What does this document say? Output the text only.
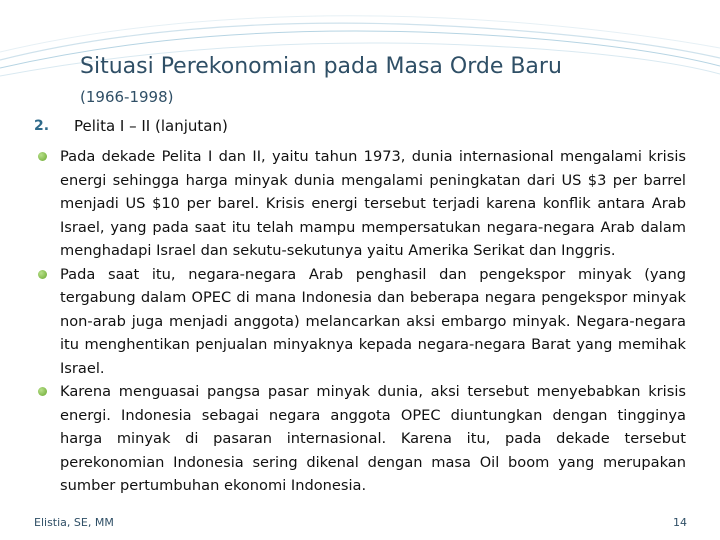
Situasi Perekonomian pada Masa Orde Baru
(1966-1998)
2. Pelita I – II (lanjutan)
Pada dekade Pelita I dan II, yaitu tahun 1973, dunia internasional mengalami krisis energi sehingga harga minyak dunia mengalami peningkatan dari US $3 per barrel menjadi US $10 per barel. Krisis energi tersebut terjadi karena konflik antara Arab Israel, yang pada saat itu telah mampu mempersatukan negara-negara Arab dalam menghadapi Israel dan sekutu-sekutunya yaitu Amerika Serikat dan Inggris.
Pada saat itu, negara-negara Arab penghasil dan pengekspor minyak (yang tergabung dalam OPEC di mana Indonesia dan beberapa negara pengekspor minyak non-arab juga menjadi anggota) melancarkan aksi embargo minyak. Negara-negara itu menghentikan penjualan minyaknya kepada negara-negara Barat yang memihak Israel.
Karena menguasai pangsa pasar minyak dunia, aksi tersebut menyebabkan krisis energi. Indonesia sebagai negara anggota OPEC diuntungkan dengan tingginya harga minyak di pasaran internasional. Karena itu, pada dekade tersebut perekonomian Indonesia sering dikenal dengan masa Oil boom yang merupakan sumber pertumbuhan ekonomi Indonesia.
Elistia, SE, MM	14
